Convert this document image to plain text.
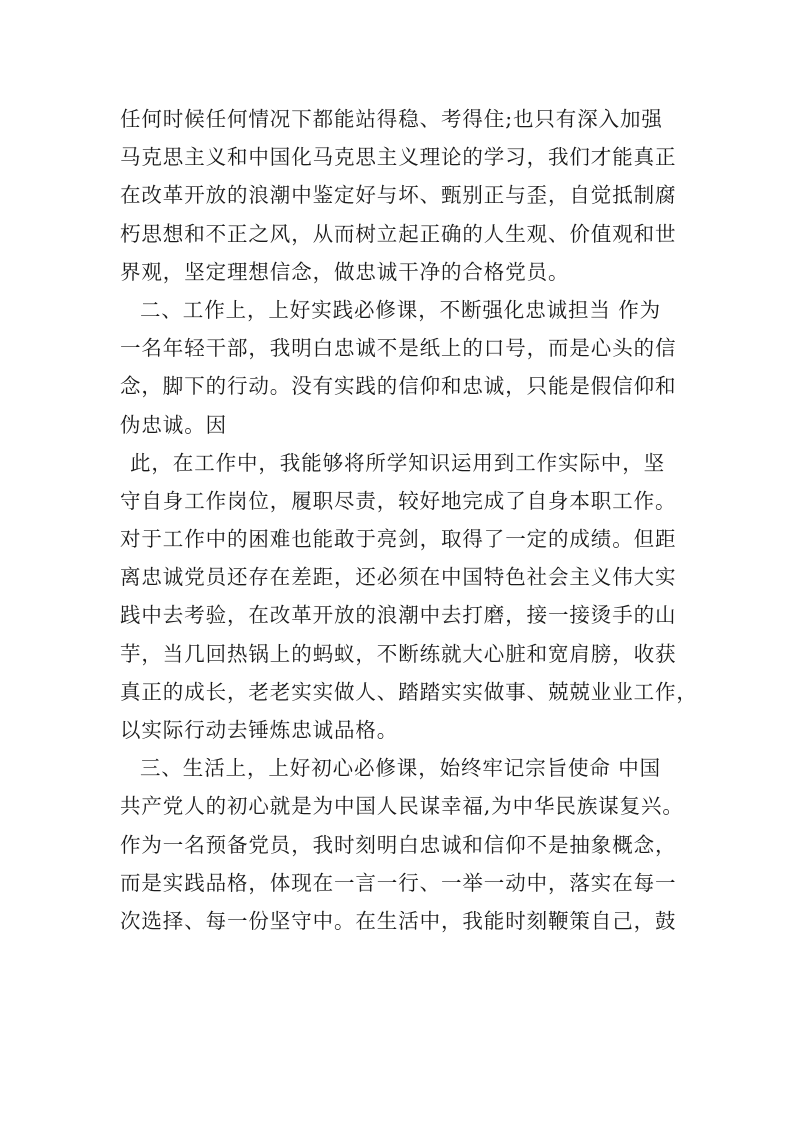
任何时候任何情况下都能站得稳、考得住;也只有深入加强
马克思主义和中国化马克思主义理论的学习，我们才能真正
在改革开放的浪潮中鉴定好与坏、甄别正与歪，自觉抵制腐
朽思想和不正之风，从而树立起正确的人生观、价值观和世
界观，坚定理想信念，做忠诚干净的合格党员。
二、工作上，上好实践必修课，不断强化忠诚担当 作为
一名年轻干部，我明白忠诚不是纸上的口号，而是心头的信
念，脚下的行动。没有实践的信仰和忠诚，只能是假信仰和
伪忠诚。因
此，在工作中，我能够将所学知识运用到工作实际中，坚
守自身工作岗位，履职尽责，较好地完成了自身本职工作。
对于工作中的困难也能敢于亮剑，取得了一定的成绩。但距
离忠诚党员还存在差距，还必须在中国特色社会主义伟大实
践中去考验，在改革开放的浪潮中去打磨，接一接烫手的山
芋，当几回热锅上的蚂蚁，不断练就大心脏和宽肩膀，收获
真正的成长，老老实实做人、踏踏实实做事、兢兢业业工作，
以实际行动去锤炼忠诚品格。
三、生活上，上好初心必修课，始终牢记宗旨使命 中国
共产党人的初心就是为中国人民谋幸福,为中华民族谋复兴。
作为一名预备党员，我时刻明白忠诚和信仰不是抽象概念，
而是实践品格，体现在一言一行、一举一动中，落实在每一
次选择、每一份坚守中。在生活中，我能时刻鞭策自己，鼓
